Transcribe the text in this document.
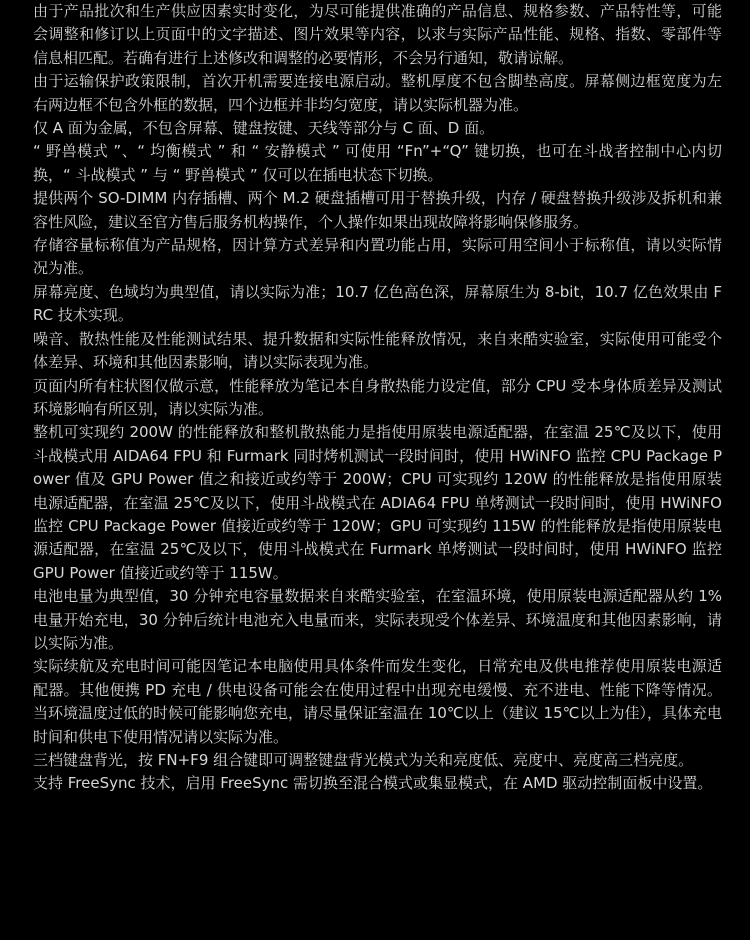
由于产品批次和生产供应因素实时变化，为尽可能提供准确的产品信息、规格参数、产品特性等，可能会调整和修订以上页面中的文字描述、图片效果等内容，以求与实际产品性能、规格、指数、零部件等信息相匹配。若确有进行上述修改和调整的必要情形，不会另行通知，敬请谅解。

由于运输保护政策限制，首次开机需要连接电源启动。整机厚度不包含脚垫高度。屏幕侧边框宽度为左右两边框不包含外框的数据，四个边框并非均匀宽度，请以实际机器为准。

仅 A 面为金属，不包含屏幕、键盘按键、天线等部分与 C 面、D 面。

“ 野兽模式 ”、“ 均衡模式 ” 和 “ 安静模式 ” 可使用 “Fn”+“Q” 键切换，也可在斗战者控制中心内切换，“ 斗战模式 ” 与 “ 野兽模式 ” 仅可以在插电状态下切换。

提供两个 SO-DIMM 内存插槽、两个 M.2 硬盘插槽可用于替换升级，内存 / 硬盘替换升级涉及拆机和兼容性风险，建议至官方售后服务机构操作，个人操作如果出现故障将影响保修服务。

存储容量标称值为产品规格，因计算方式差异和内置功能占用，实际可用空间小于标称值，请以实际情况为准。

屏幕亮度、色域均为典型值，请以实际为准；10.7 亿色高色深，屏幕原生为 8-bit，10.7 亿色效果由 FRC 技术实现。

噪音、散热性能及性能测试结果、提升数据和实际性能释放情况，来自来酷实验室，实际使用可能受个体差异、环境和其他因素影响，请以实际表现为准。

页面内所有柱状图仅做示意，性能释放为笔记本自身散热能力设定值，部分 CPU 受本身体质差异及测试环境影响有所区别，请以实际为准。

整机可实现约 200W 的性能释放和整机散热能力是指使用原装电源适配器，在室温 25℃及以下，使用斗战模式用 AIDA64 FPU 和 Furmark 同时烤机测试一段时间时，使用 HWiNFO 监控 CPU Package Power 值及 GPU Power 值之和接近或约等于 200W；CPU 可实现约 120W 的性能释放是指使用原装电源适配器，在室温 25℃及以下，使用斗战模式在 ADIA64 FPU 单烤测试一段时间时，使用 HWiNFO 监控 CPU Package Power 值接近或约等于 120W；GPU 可实现约 115W 的性能释放是指使用原装电源适配器，在室温 25℃及以下，使用斗战模式在 Furmark 单烤测试一段时间时，使用 HWiNFO 监控 GPU Power 值接近或约等于 115W。

电池电量为典型值，30 分钟充电容量数据来自来酷实验室，在室温环境，使用原装电源适配器从约 1% 电量开始充电，30 分钟后统计电池充入电量而来，实际表现受个体差异、环境温度和其他因素影响，请以实际为准。

实际续航及充电时间可能因笔记本电脑使用具体条件而发生变化，日常充电及供电推荐使用原装电源适配器。其他便携 PD 充电 / 供电设备可能会在使用过程中出现充电缓慢、充不进电、性能下降等情况。当环境温度过低的时候可能影响您充电，请尽量保证室温在 10℃以上（建议 15℃以上为佳），具体充电时间和供电下使用情况请以实际为准。

三档键盘背光，按 FN+F9 组合键即可调整键盘背光模式为关和亮度低、亮度中、亮度高三档亮度。

支持 FreeSync 技术，启用 FreeSync 需切换至混合模式或集显模式，在 AMD 驱动控制面板中设置。
